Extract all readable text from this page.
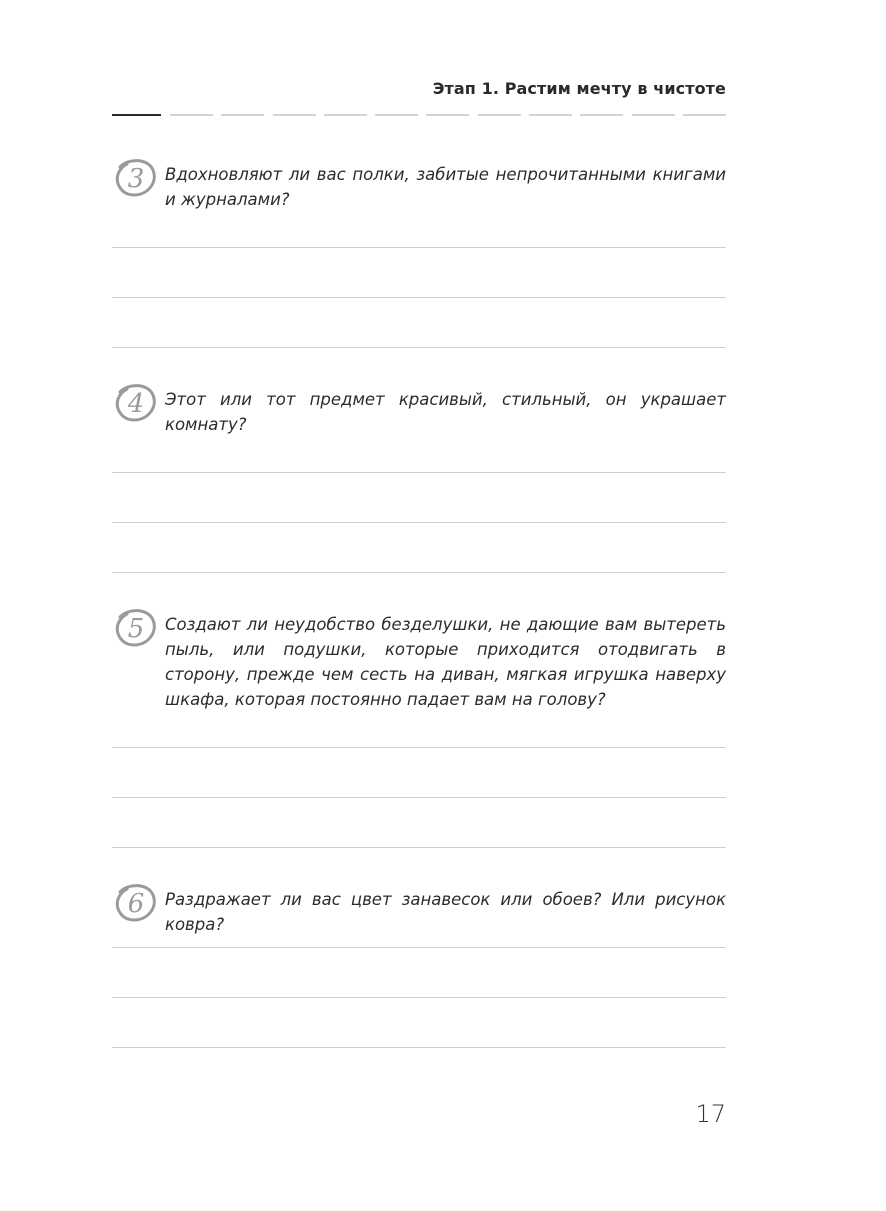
Этап 1. Растим мечту в чистоте
3 Вдохновляют ли вас полки, забитые непрочитанными книгами и журналами?
4 Этот или тот предмет красивый, стильный, он украшает комнату?
5 Создают ли неудобство безделушки, не дающие вам вытереть пыль, или подушки, которые приходится отодвигать в сторону, прежде чем сесть на диван, мягкая игрушка наверху шкафа, которая постоянно падает вам на голову?
6 Раздражает ли вас цвет занавесок или обоев? Или рисунок ковра?
17
